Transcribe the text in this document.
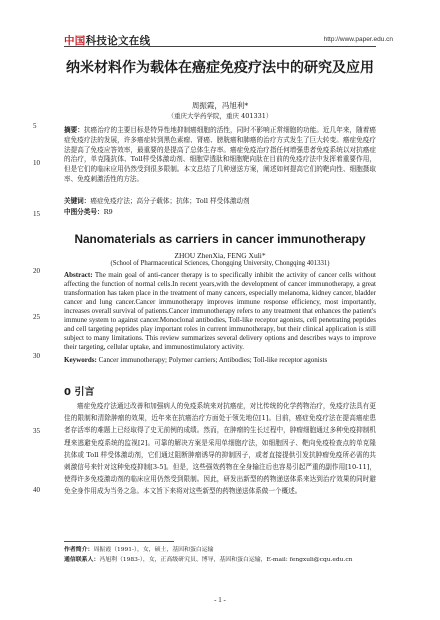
中国科技论文在线	http://www.paper.edu.cn
纳米材料作为载体在癌症免疫疗法中的研究及应用
周振霞，冯旭利*
（重庆大学药学院，重庆 401331）
5
10
15
20
25
30
35
40
摘要：抗癌治疗的主要目标是特异性地抑制癌细胞的活性，同时不影响正常细胞的功能。近几年来，随着癌症免疫疗法的发展，许多癌症转到黑色素瘤、肾癌、膀胱癌和肺癌的治疗方式发生了巨大转变。癌症免疫疗法提高了免疫应答效率，最重要的是提高了总体生存率。癌症免疫治疗指任何增强患者免疫系统以对抗癌症的治疗，单克隆抗体、Toll样受体激动剂、细胞穿透肽和细胞靶向肽在目前的免疫疗法中发挥着重要作用，但是它们的临床应用仍然受到很多限制。本文总结了几种递送方案，阐述如何提高它们的靶向性、细胞摄取率、免疫刺激活性的方法。
关键词：癌症免疫疗法；高分子载体；抗体；Toll 样受体激动剂
中图分类号：R9
Nanomaterials as carriers in cancer immunotherapy
ZHOU ZhenXia, FENG Xuli*
(School of Pharmaceutical Sciences, Chongqing University, Chongqing 401331)
Abstract: The main goal of anti-cancer therapy is to specifically inhibit the activity of cancer cells without affecting the function of normal cells.In recent years,with the development of cancer immunotherapy, a great transformation has taken place in the treatment of many cancers, especially melanoma, kidney cancer, bladder cancer and lung cancer.Cancer immunotherapy improves immune response efficiency, most importantly, increases overall survival of patients.Cancer immunotherapy refers to any treatment that enhances the patient's immune system to against cancer.Monoclonal antibodies, Toll-like receptor agonists, cell penetrating peptides and cell targeting peptides play important roles in current immunotherapy, but their clinical application is still subject to many limitations. This review summarizes several delivery options and describes ways to improve their targeting, cellular uptake, and immunostimulatory activity.
Keywords: Cancer immunotherapy; Polymer carriers; Antibodies; Toll-like receptor agonists
0 引言
癌症免疫疗法通过改善和加强病人的免疫系统来对抗癌症，对比传统的化学药物治疗，免疫疗法具有更佳的限制和清除肿瘤的效果，近年来在抗癌治疗方面处于领先地位[1]。目前，癌症免疫疗法在提高癌症患者存活率的难题上已经取得了史无前例的成绩。然而，在肿瘤的生长过程中，肿瘤细胞通过多种免疫抑制机理来逃避免疫系统的监视[2]。可靠的解决方案是采用单细胞疗法，如细胞因子、靶向免疫检查点的单克隆抗体或 Toll 样受体激动剂，它们通过阻断肿瘤诱导的抑制因子，或者直接提供引发抗肿瘤免疫所必需的共刺激信号来针对这种免疫抑制[3-5]。但是，这些强效药物在全身输注后也容易引起严重的副作用[10-11]，使得许多免疫激动剂的临床应用仍然受到限制。因此，研发出新型的药物递送体系来达到治疗效果的同时避免全身作用成为当务之急。本文旨下来将对这些新型的药物递送体系做一个概述。
作者简介：周振霞（1991-），女，硕士，基因和蛋白运输
通信联系人：冯旭利（1983-），女，正高级研究员、博导，基因和蛋白运输，E-mail: fengxuli@cqu.edu.cn
- 1 -
